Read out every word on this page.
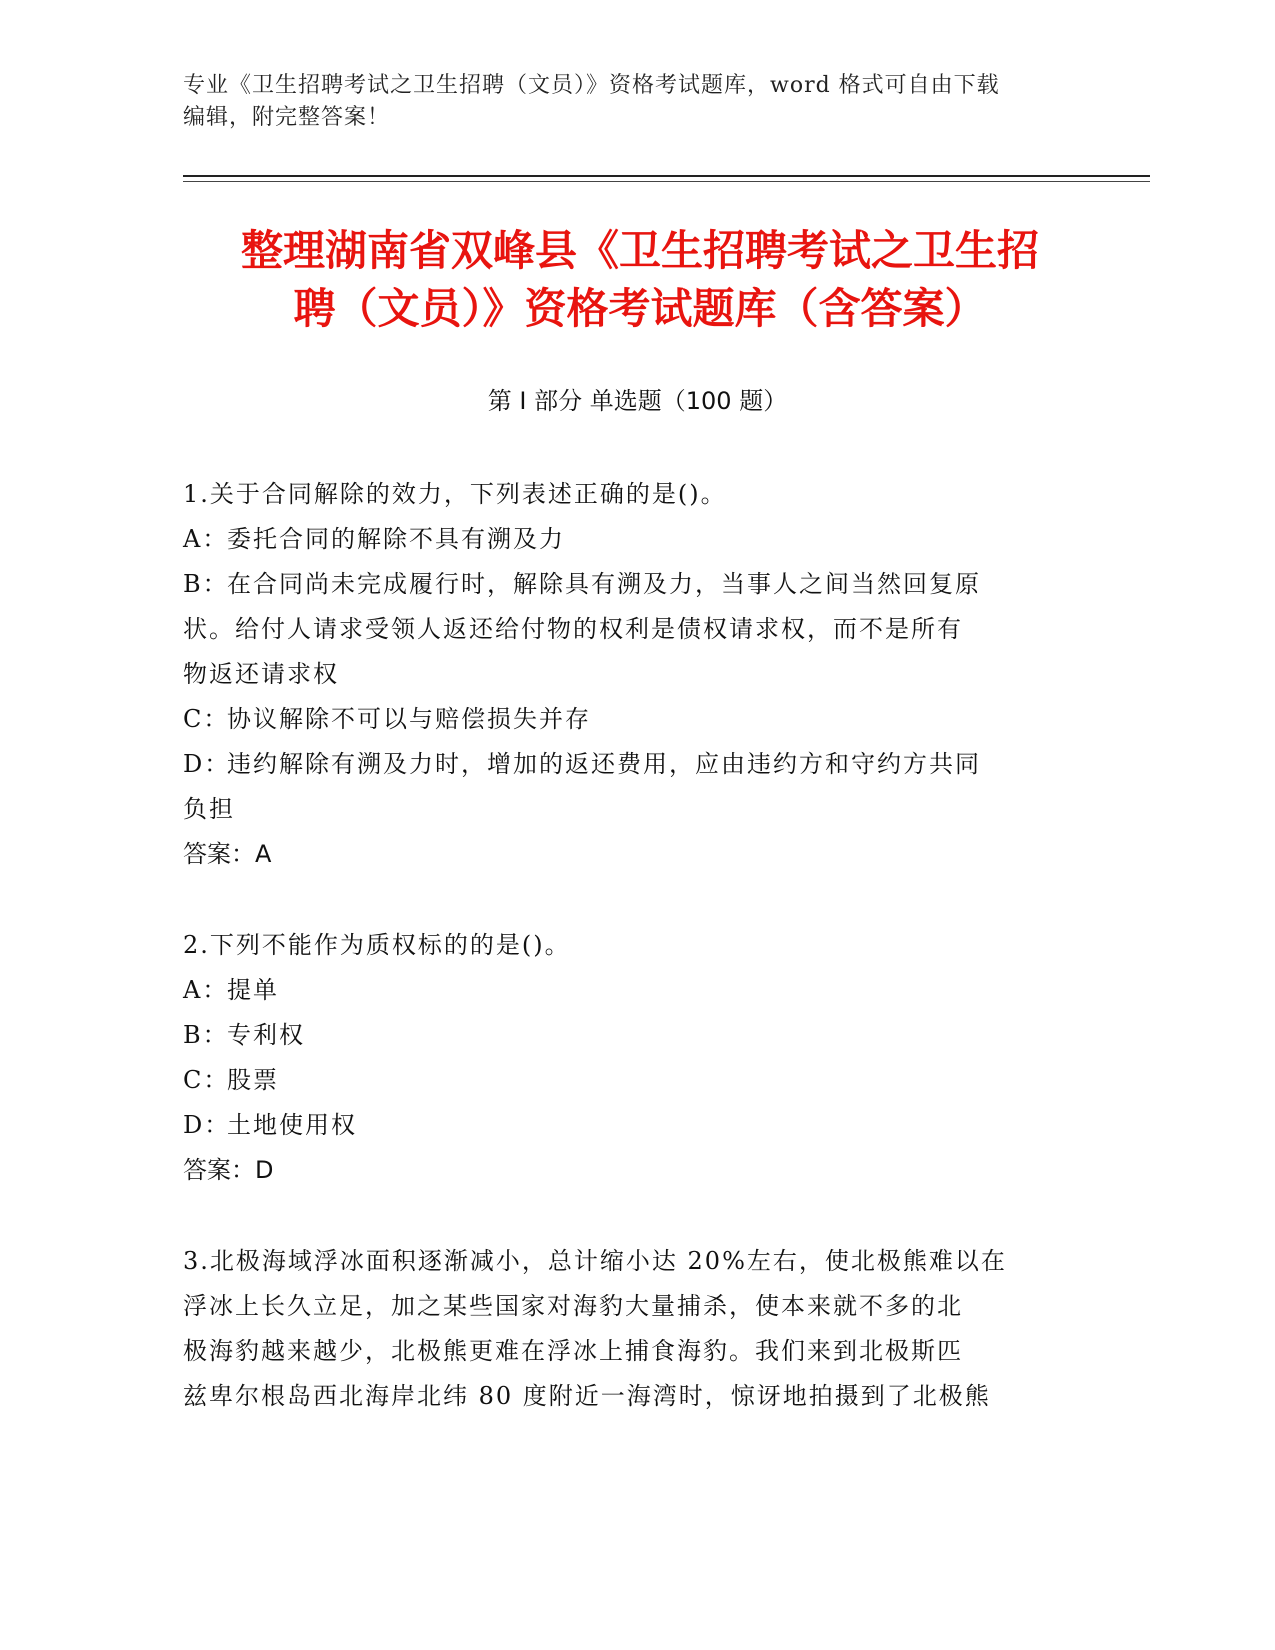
专业《卫生招聘考试之卫生招聘（文员）》资格考试题库，word 格式可自由下载
编辑，附完整答案！
整理湖南省双峰县《卫生招聘考试之卫生招
聘（文员）》资格考试题库（含答案）
第 I 部分 单选题（100 题）
1.关于合同解除的效力，下列表述正确的是()。
A：委托合同的解除不具有溯及力
B：在合同尚未完成履行时，解除具有溯及力，当事人之间当然回复原
状。给付人请求受领人返还给付物的权利是债权请求权，而不是所有
物返还请求权
C：协议解除不可以与赔偿损失并存
D：违约解除有溯及力时，增加的返还费用，应由违约方和守约方共同
负担
答案：A
2.下列不能作为质权标的的是()。
A：提单
B：专利权
C：股票
D：土地使用权
答案：D
3.北极海域浮冰面积逐渐减小，总计缩小达 20%左右，使北极熊难以在
浮冰上长久立足，加之某些国家对海豹大量捕杀，使本来就不多的北
极海豹越来越少，北极熊更难在浮冰上捕食海豹。我们来到北极斯匹
兹卑尔根岛西北海岸北纬 80 度附近一海湾时，惊讶地拍摄到了北极熊
